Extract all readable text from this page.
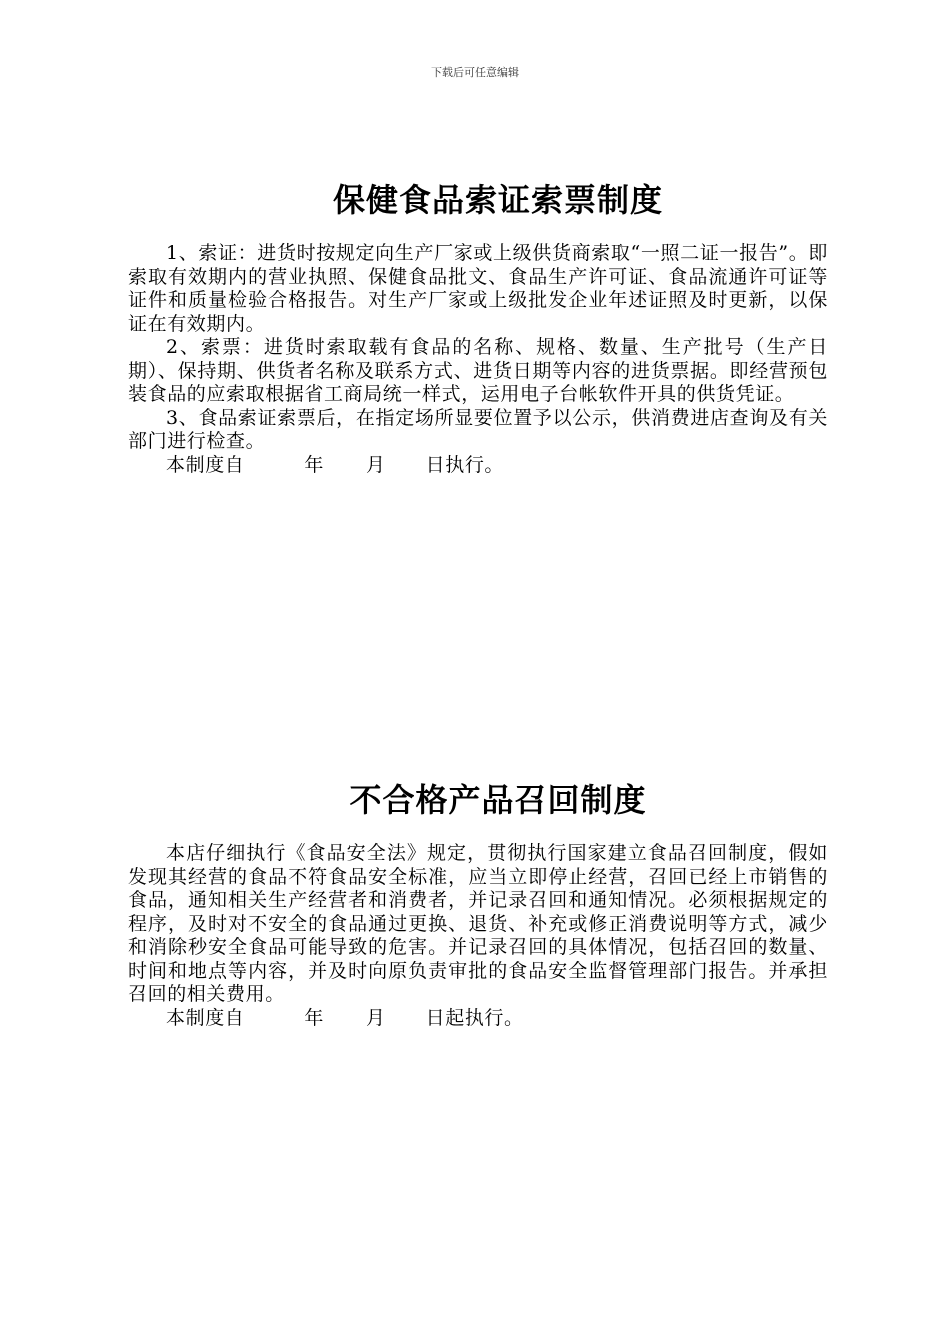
下载后可任意编辑
保健食品索证索票制度

1、索证：进货时按规定向生产厂家或上级供货商索取“一照二证一报告”。即索取有效期内的营业执照、保健食品批文、食品生产许可证、食品流通许可证等证件和质量检验合格报告。对生产厂家或上级批发企业年述证照及时更新，以保证在有效期内。

2、索票：进货时索取载有食品的名称、规格、数量、生产批号（生产日期）、保持期、供货者名称及联系方式、进货日期等内容的进货票据。即经营预包装食品的应索取根据省工商局统一样式，运用电子台帐软件开具的供货凭证。

3、食品索证索票后，在指定场所显要位置予以公示，供消费进店查询及有关部门进行检查。

本制度自	年 月 日执行。

不合格产品召回制度

本店仔细执行《食品安全法》规定，贯彻执行国家建立食品召回制度，假如发现其经营的食品不符食品安全标准，应当立即停止经营，召回已经上市销售的食品，通知相关生产经营者和消费者，并记录召回和通知情况。必须根据规定的程序，及时对不安全的食品通过更换、退货、补充或修正消费说明等方式，减少和消除秒安全食品可能导致的危害。并记录召回的具体情况，包括召回的数量、时间和地点等内容，并及时向原负责审批的食品安全监督管理部门报告。并承担召回的相关费用。

本制度自	年 月 日起执行。
